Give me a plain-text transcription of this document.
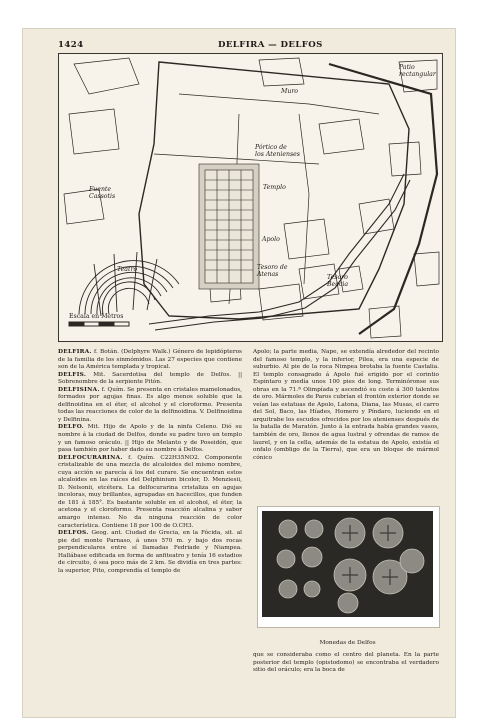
1424	DELFIRA — DELFOS
Muro
Patio
rectangular
Pórtico de
los Atenienses
Templo
Fuente
Cassotis
Apolo
Teatro	Tesoro de
Atenas	Tesoro
Beocia
Escala en Metros

DELFIRA. f. Botán. (Delphyre Walk.) Género de lepidópteros de la familia de los sinmómidos. Las 27 especies que contiene son de la América templada y tropical.

DELFIS. Mit. Sacerdotisa del templo de Delfos. || Sobrenombre de la serpiente Pitón.

DELFISINA. f. Quím. Se presenta en cristales mamelonados, formados por agujas finas. Es algo menos soluble que la delfinoidina en el éter, el alcohol y el cloroformo. Presenta todas las reacciones de color de la delfinoidina. V. Delfinoidina y Delfinina.

DELFO. Mit. Hijo de Apolo y de la ninfa Celeno. Dió su nombre á la ciudad de Delfos, donde su padre tuvo un templo y un famoso oráculo. || Hijo de Melanto y de Poseidón, que pasa también por haber dado su nombre á Delfos.

DELFOCURARINA. f. Quím. C22H35NO2. Componente cristalizable de una mezcla de alcaloides del mismo nombre, cuya acción se parecía á los del curare. Se encuentran estos alcaloides en las raíces del Delphinium bicolor, D. Menziesii, D. Nelsonii, etcétera. La delfocurarina cristaliza en agujas incoloras, muy brillantes, agrupadas en hacecillos, que funden de 181 á 185°. Es bastante soluble en el alcohol, el éter, la acetona y el cloroformo. Presenta reacción alcalina y sabor amargo intenso. No da ninguna reacción de color característica. Contiene 18 por 100 de O.CH3.

DELFOS. Geog. ant. Ciudad de Grecia, en la Fócida, sit. al pie del monte Parnaso, á unos 570 m. y bajo dos rocas perpendiculares entre sí llamadas Fedriade y Niampea. Hallábase edificada en forma de anfiteatro y tenía 16 estadios de circuito, ó sea poco más de 2 km. Se dividía en tres partes: la superior, Pito, comprendía el templo de

Apolo; la parte media, Nape, se extendía alrededor del recinto del famoso templo, y la inferior, Pilea, era una especie de suburbio. Al pie de la roca Nimpea brotaba la fuente Castalia. El templo consagrado á Apolo fué erigido por el corintio Espíntaro y medía unos 100 pies de long. Terminóronse sus obras en la 71.ª Olimpíada y ascendió su coste á 300 talentos de oro. Mármoles de Paros cubrían el frontón exterior donde se veían las estatuas de Apolo, Latona, Diana, las Musas, el carro del Sol, Baco, las Híades, Homero y Píndaro, luciendo en el arquitrabe los escudos ofrecidos por los atenienses después de la batalla de Maratón. Junto á la entrada había grandes vasos, también de oro, llenos de agua lustral y ofrendas de ramos de laurel, y en la cella, además de la estatua de Apolo, existía el onfalo (ombligo de la Tierra), que era un bloque de mármol cónico

Monedas de Delfos

que se consideraba como el centro del planeta. En la parte posterior del templo (opistodomo) se encontraba el verdadero sitio del oráculo; era la boca de
